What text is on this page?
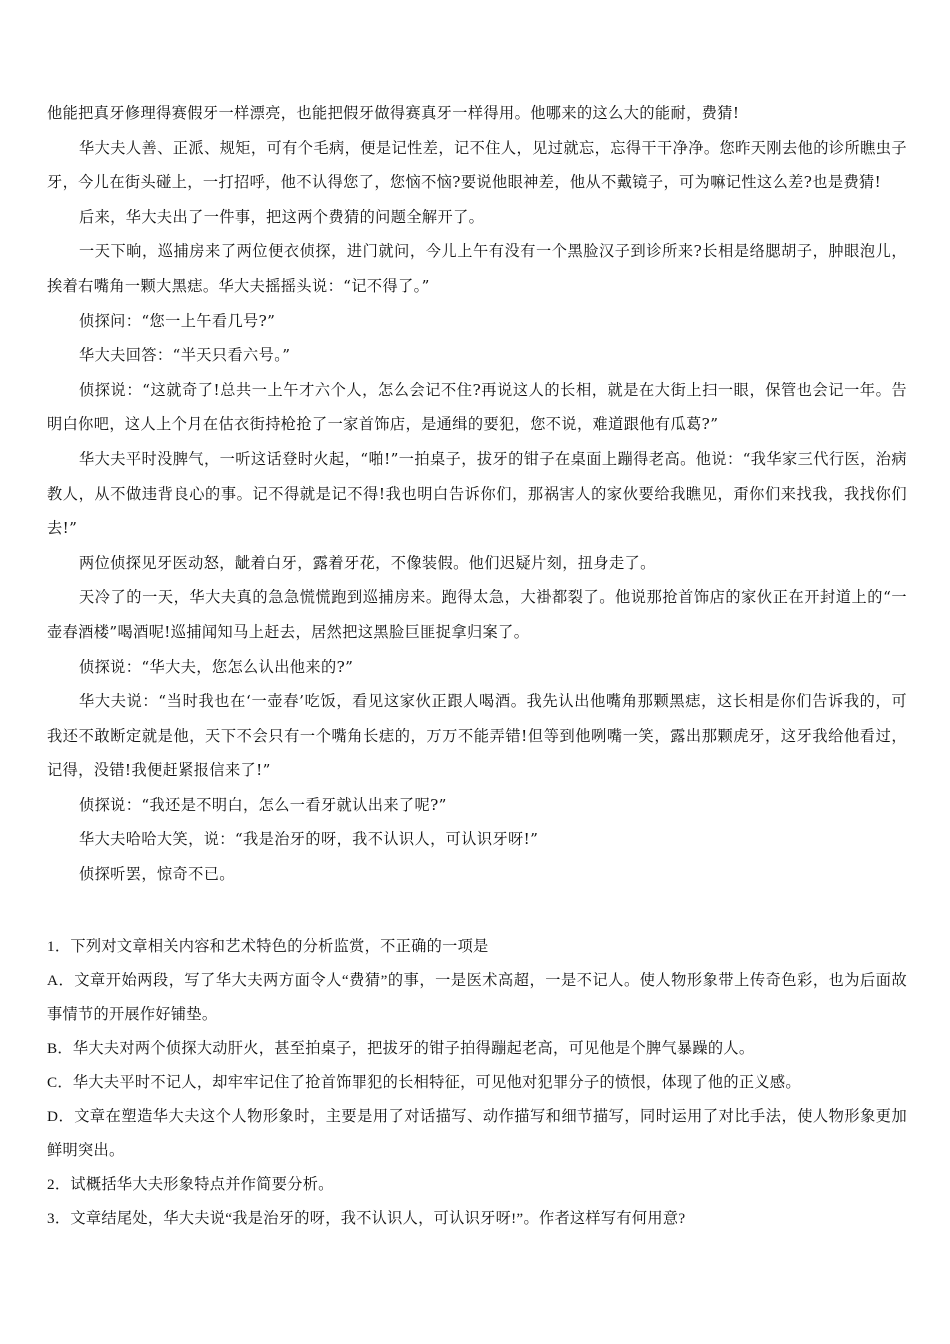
他能把真牙修理得赛假牙一样漂亮，也能把假牙做得赛真牙一样得用。他哪来的这么大的能耐，费猜!

华大夫人善、正派、规矩，可有个毛病，便是记性差，记不住人，见过就忘，忘得干干净净。您昨天刚去他的诊所瞧虫子牙，今儿在街头碰上，一打招呼，他不认得您了，您恼不恼?要说他眼神差，他从不戴镜子，可为嘛记性这么差?也是费猜!

后来，华大夫出了一件事，把这两个费猜的问题全解开了。

一天下晌，巡捕房来了两位便衣侦探，进门就问，今儿上午有没有一个黑脸汉子到诊所来?长相是络腮胡子，肿眼泡儿，挨着右嘴角一颗大黑痣。华大夫摇摇头说：“记不得了。”

侦探问：“您一上午看几号?”

华大夫回答：“半天只看六号。”

侦探说：“这就奇了!总共一上午才六个人，怎么会记不住?再说这人的长相，就是在大街上扫一眼，保管也会记一年。告明白你吧，这人上个月在估衣街持枪抢了一家首饰店，是通缉的要犯，您不说，难道跟他有瓜葛?”

华大夫平时没脾气，一听这话登时火起，“啪!”一拍桌子，拔牙的钳子在桌面上蹦得老高。他说：“我华家三代行医，治病教人，从不做违背良心的事。记不得就是记不得!我也明白告诉你们，那祸害人的家伙要给我瞧见，甭你们来找我，我找你们去!”

两位侦探见牙医动怒，龇着白牙，露着牙花，不像装假。他们迟疑片刻，扭身走了。

天冷了的一天，华大夫真的急急慌慌跑到巡捕房来。跑得太急，大褂都裂了。他说那抢首饰店的家伙正在开封道上的“一壶春酒楼”喝酒呢!巡捕闻知马上赶去，居然把这黑脸巨匪捉拿归案了。

侦探说：“华大夫，您怎么认出他来的?”

华大夫说：“当时我也在‘一壶春’吃饭，看见这家伙正跟人喝酒。我先认出他嘴角那颗黑痣，这长相是你们告诉我的，可我还不敢断定就是他，天下不会只有一个嘴角长痣的，万万不能弄错!但等到他咧嘴一笑，露出那颗虎牙，这牙我给他看过，记得，没错!我便赶紧报信来了!”

侦探说：“我还是不明白，怎么一看牙就认出来了呢?”

华大夫哈哈大笑，说：“我是治牙的呀，我不认识人，可认识牙呀!”

侦探听罢，惊奇不已。

1．下列对文章相关内容和艺术特色的分析监赏，不正确的一项是

A．文章开始两段，写了华大夫两方面令人“费猜”的事，一是医术高超，一是不记人。使人物形象带上传奇色彩，也为后面故事情节的开展作好铺垫。

B．华大夫对两个侦探大动肝火，甚至拍桌子，把拔牙的钳子拍得蹦起老高，可见他是个脾气暴躁的人。

C．华大夫平时不记人，却牢牢记住了抢首饰罪犯的长相特征，可见他对犯罪分子的愤恨，体现了他的正义感。

D．文章在塑造华大夫这个人物形象时，主要是用了对话描写、动作描写和细节描写，同时运用了对比手法，使人物形象更加鲜明突出。

2．试概括华大夫形象特点并作简要分析。

3．文章结尾处，华大夫说“我是治牙的呀，我不认识人，可认识牙呀!”。作者这样写有何用意?
